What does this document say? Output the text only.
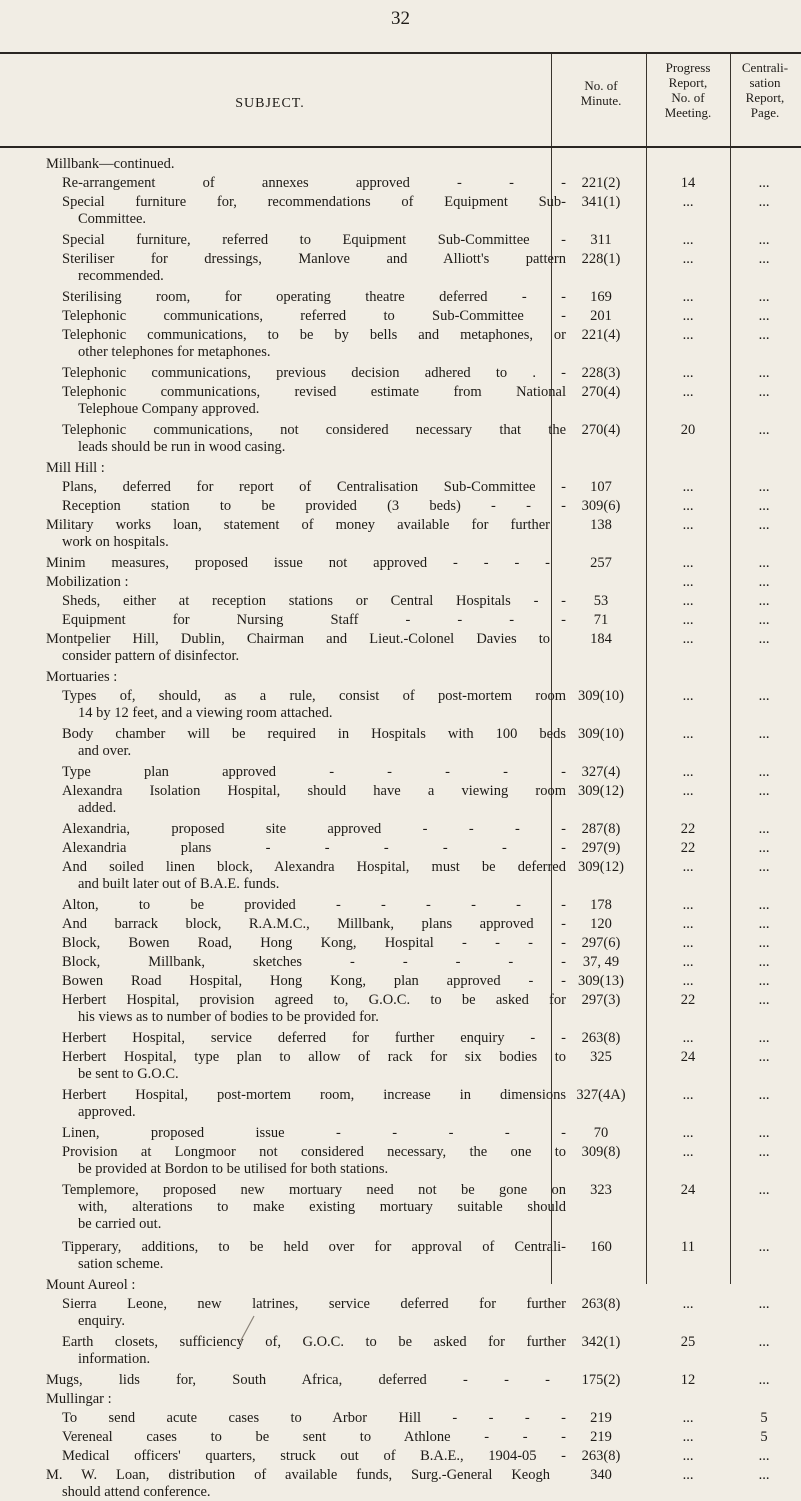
32
SUBJECT.
No. of
Minute.
Progress
Report,
No. of
Meeting.
Centrali-
sation
Report,
Page.
Millbank—continued.
Re-arrangement of annexes approved - - -	221(2)	14	...
Special furniture for, recommendations of Equipment Sub-
Committee.
341(1)	...	...
Special furniture, referred to Equipment Sub-Committee -	311	...	...
Steriliser for dressings, Manlove and Alliott's pattern
recommended.
228(1)	...	...
Sterilising room, for operating theatre deferred - -	169	...	...
Telephonic communications, referred to Sub-Committee -	201	...	...
Telephonic communications, to be by bells and metaphones, or
other telephones for metaphones.
221(4)	...	...
Telephonic communications, previous decision adhered to . -	228(3)	...	...
Telephonic communications, revised estimate from National
Telephoue Company approved.
270(4)	...	...
Telephonic communications, not considered necessary that the
leads should be run in wood casing.
270(4)	20	...
Mill Hill :
Plans, deferred for report of Centralisation Sub-Committee -	107	...	...
Reception station to be provided (3 beds) - - -	309(6)	...	...
Military works loan, statement of money available for further
work on hospitals.
138	...	...
Minim measures, proposed issue not approved - - - -	257	...	...
Mobilization :	...	...
Sheds, either at reception stations or Central Hospitals - -	53	...	...
Equipment for Nursing Staff - - - -	71	...	...
Montpelier Hill, Dublin, Chairman and Lieut.-Colonel Davies to
consider pattern of disinfector.
184	...	...
Mortuaries :
Types of, should, as a rule, consist of post-mortem room
14 by 12 feet, and a viewing room attached.
309(10)	...	...
Body chamber will be required in Hospitals with 100 beds
and over.
309(10)	...	...
Type plan approved - - - - -	327(4)	...	...
Alexandra Isolation Hospital, should have a viewing room
added.
309(12)	...	...
Alexandria, proposed site approved - - - -	287(8)	22	...
Alexandria plans - - - - - -	297(9)	22	...
And soiled linen block, Alexandra Hospital, must be deferred
and built later out of B.A.E. funds.
309(12)	...	...
Alton, to be provided - - - - - -	178	...	...
And barrack block, R.A.M.C., Millbank, plans approved -	120	...	...
Block, Bowen Road, Hong Kong, Hospital - - - -	297(6)	...	...
Block, Millbank, sketches - - - - -	37, 49	...	...
Bowen Road Hospital, Hong Kong, plan approved - - 309(13)	...	...
Herbert Hospital, provision agreed to, G.O.C. to be asked for
his views as to number of bodies to be provided for.
297(3)	22	...
Herbert Hospital, service deferred for further enquiry - -	263(8)	...	...
Herbert Hospital, type plan to allow of rack for six bodies to
be sent to G.O.C.
325	24	...
Herbert Hospital, post-mortem room, increase in dimensions
approved.
327(4A)	...	...
Linen, proposed issue - - - - -	70	...	...
Provision at Longmoor not considered necessary, the one to
be provided at Bordon to be utilised for both stations.
309(8)	...	...
Templemore, proposed new mortuary need not be gone on
with, alterations to make existing mortuary suitable should
be carried out.
323	24	...
Tipperary, additions, to be held over for approval of Centrali-
sation scheme.
160	11	...
Mount Aureol :
Sierra Leone, new latrines, service deferred for further
enquiry.
263(8)	...	...
Earth closets, sufficiency of, G.O.C. to be asked for further
information.
342(1)	25	...
Mugs, lids for, South Africa, deferred - - -	175(2)	12	...
Mullingar :
To send acute cases to Arbor Hill - - - -	219	...	5
Vereneal cases to be sent to Athlone - - -	219	...	5
Medical officers' quarters, struck out of B.A.E., 1904-05 -	263(8)	...	...
M. W. Loan, distribution of available funds, Surg.-General Keogh
should attend conference.
340	...	...
